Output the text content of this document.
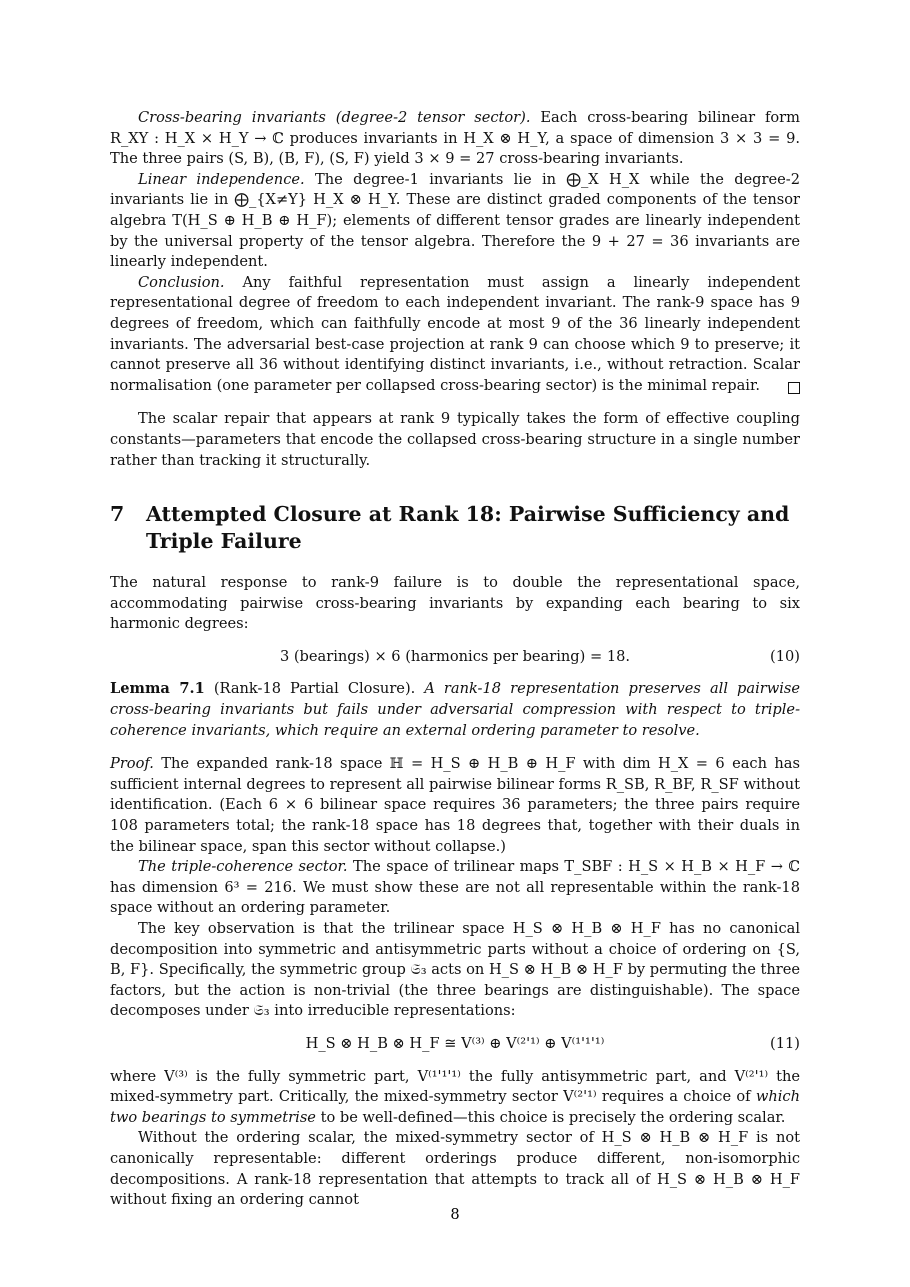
Cross-bearing invariants (degree-2 tensor sector). Each cross-bearing bilinear form R_XY : H_X × H_Y → ℂ produces invariants in H_X ⊗ H_Y, a space of dimension 3 × 3 = 9. The three pairs (S, B), (B, F), (S, F) yield 3 × 9 = 27 cross-bearing invariants.

Linear independence. The degree-1 invariants lie in ⨁_X H_X while the degree-2 invariants lie in ⨁_{X≠Y} H_X ⊗ H_Y. These are distinct graded components of the tensor algebra T(H_S ⊕ H_B ⊕ H_F); elements of different tensor grades are linearly independent by the universal property of the tensor algebra. Therefore the 9 + 27 = 36 invariants are linearly independent.

Conclusion. Any faithful representation must assign a linearly independent representational degree of freedom to each independent invariant. The rank-9 space has 9 degrees of freedom, which can faithfully encode at most 9 of the 36 linearly independent invariants. The adversarial best-case projection at rank 9 can choose which 9 to preserve; it cannot preserve all 36 without identifying distinct invariants, i.e., without retraction. Scalar normalisation (one parameter per collapsed cross-bearing sector) is the minimal repair.

The scalar repair that appears at rank 9 typically takes the form of effective coupling constants—parameters that encode the collapsed cross-bearing structure in a single number rather than tracking it structurally.

7	Attempted Closure at Rank 18: Pairwise Sufficiency and Triple Failure

The natural response to rank-9 failure is to double the representational space, accommodating pairwise cross-bearing invariants by expanding each bearing to six harmonic degrees:

3 (bearings) × 6 (harmonics per bearing) = 18.	(10)

Lemma 7.1 (Rank-18 Partial Closure). A rank-18 representation preserves all pairwise cross-bearing invariants but fails under adversarial compression with respect to triple-coherence invariants, which require an external ordering parameter to resolve.

Proof. The expanded rank-18 space ℍ = H_S ⊕ H_B ⊕ H_F with dim H_X = 6 each has sufficient internal degrees to represent all pairwise bilinear forms R_SB, R_BF, R_SF without identification. (Each 6 × 6 bilinear space requires 36 parameters; the three pairs require 108 parameters total; the rank-18 space has 18 degrees that, together with their duals in the bilinear space, span this sector without collapse.)

The triple-coherence sector. The space of trilinear maps T_SBF : H_S × H_B × H_F → ℂ has dimension 6³ = 216. We must show these are not all representable within the rank-18 space without an ordering parameter.

The key observation is that the trilinear space H_S ⊗ H_B ⊗ H_F has no canonical decomposition into symmetric and antisymmetric parts without a choice of ordering on {S, B, F}. Specifically, the symmetric group 𝔖₃ acts on H_S ⊗ H_B ⊗ H_F by permuting the three factors, but the action is non-trivial (the three bearings are distinguishable). The space decomposes under 𝔖₃ into irreducible representations:

H_S ⊗ H_B ⊗ H_F ≅ V⁽³⁾ ⊕ V⁽²'¹⁾ ⊕ V⁽¹'¹'¹⁾	(11)

where V⁽³⁾ is the fully symmetric part, V⁽¹'¹'¹⁾ the fully antisymmetric part, and V⁽²'¹⁾ the mixed-symmetry part. Critically, the mixed-symmetry sector V⁽²'¹⁾ requires a choice of which two bearings to symmetrise to be well-defined—this choice is precisely the ordering scalar.

Without the ordering scalar, the mixed-symmetry sector of H_S ⊗ H_B ⊗ H_F is not canonically representable: different orderings produce different, non-isomorphic decompositions. A rank-18 representation that attempts to track all of H_S ⊗ H_B ⊗ H_F without fixing an ordering cannot

8
